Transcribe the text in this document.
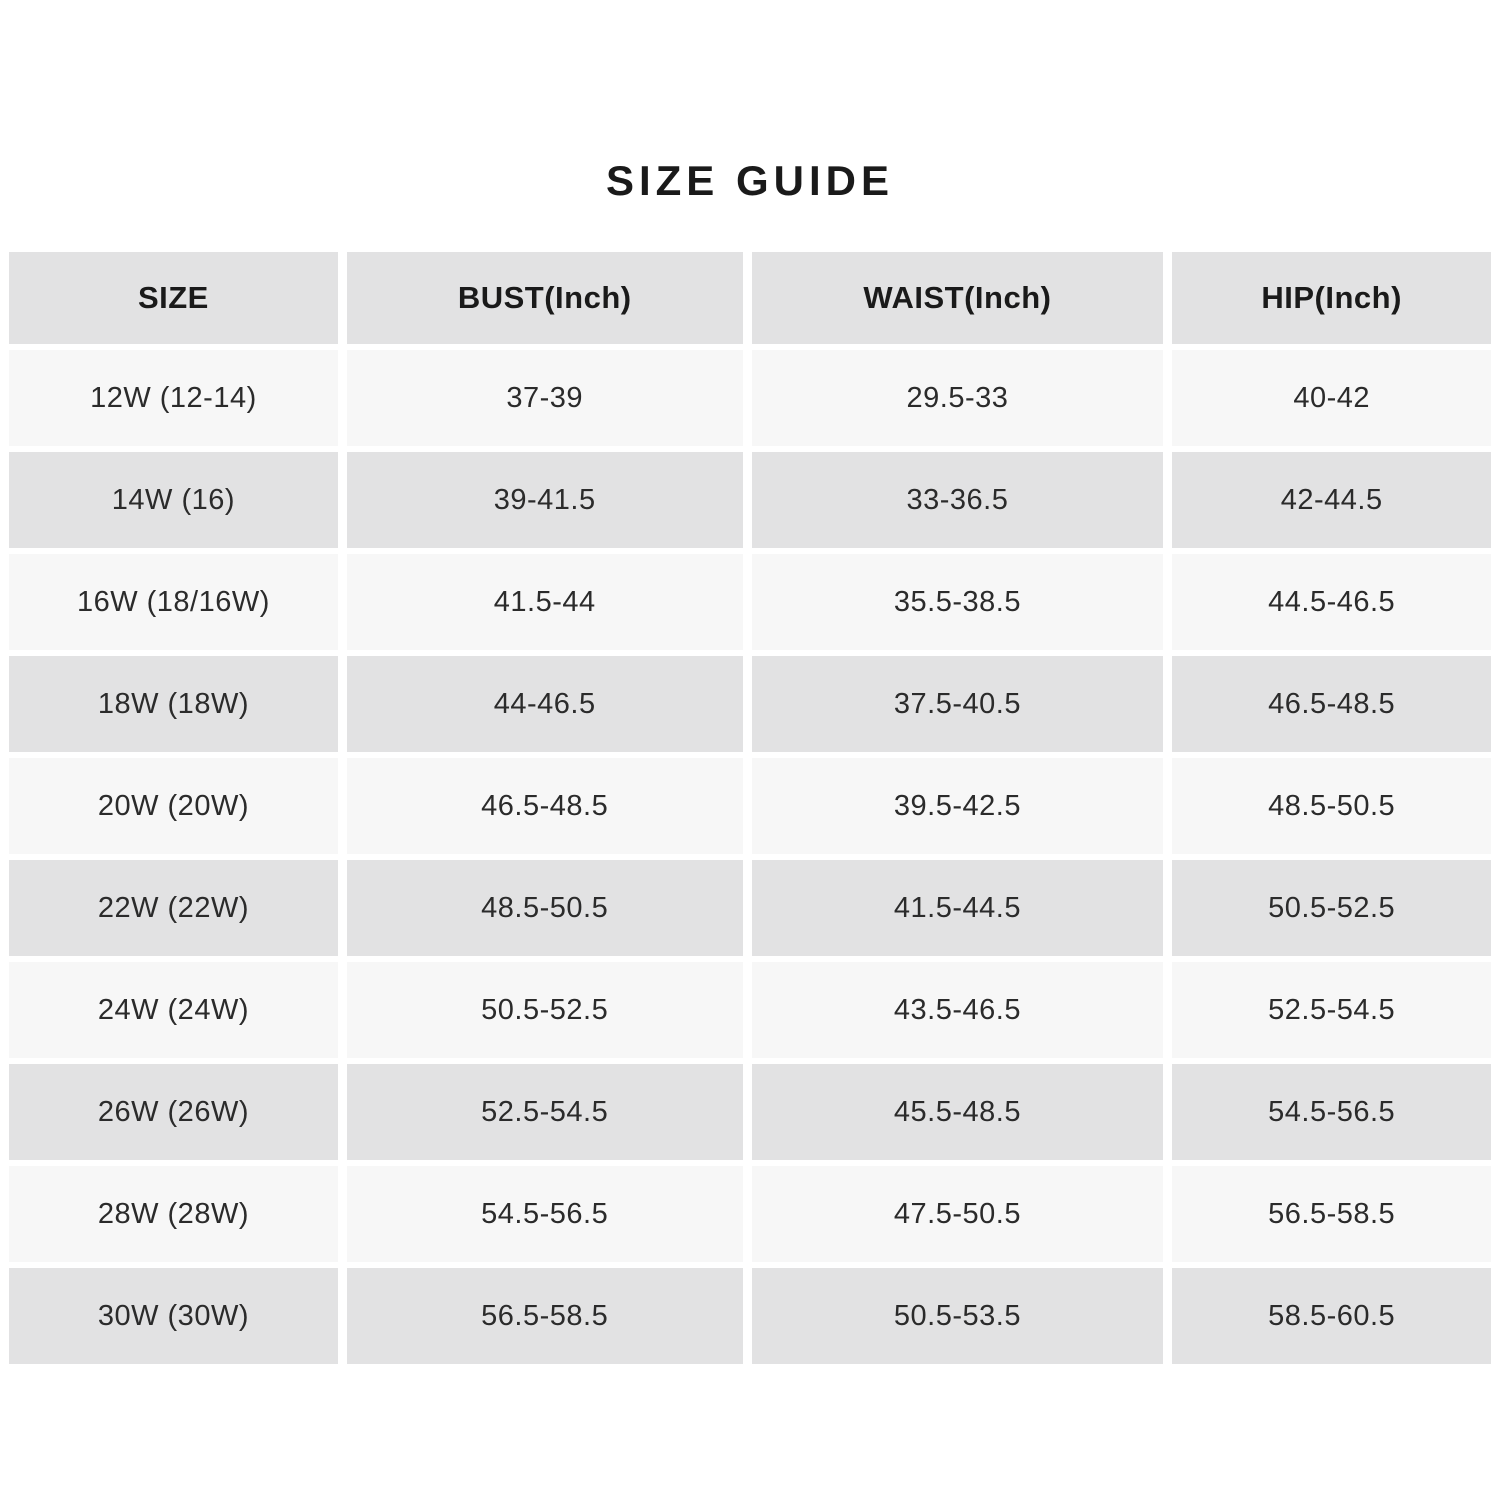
SIZE GUIDE
SIZE	BUST(Inch)	WAIST(Inch)	HIP(Inch)
12W (12-14)	37-39	29.5-33	40-42
14W (16)	39-41.5	33-36.5	42-44.5
16W (18/16W)	41.5-44	35.5-38.5	44.5-46.5
18W (18W)	44-46.5	37.5-40.5	46.5-48.5
20W (20W)	46.5-48.5	39.5-42.5	48.5-50.5
22W (22W)	48.5-50.5	41.5-44.5	50.5-52.5
24W (24W)	50.5-52.5	43.5-46.5	52.5-54.5
26W (26W)	52.5-54.5	45.5-48.5	54.5-56.5
28W (28W)	54.5-56.5	47.5-50.5	56.5-58.5
30W (30W)	56.5-58.5	50.5-53.5	58.5-60.5
